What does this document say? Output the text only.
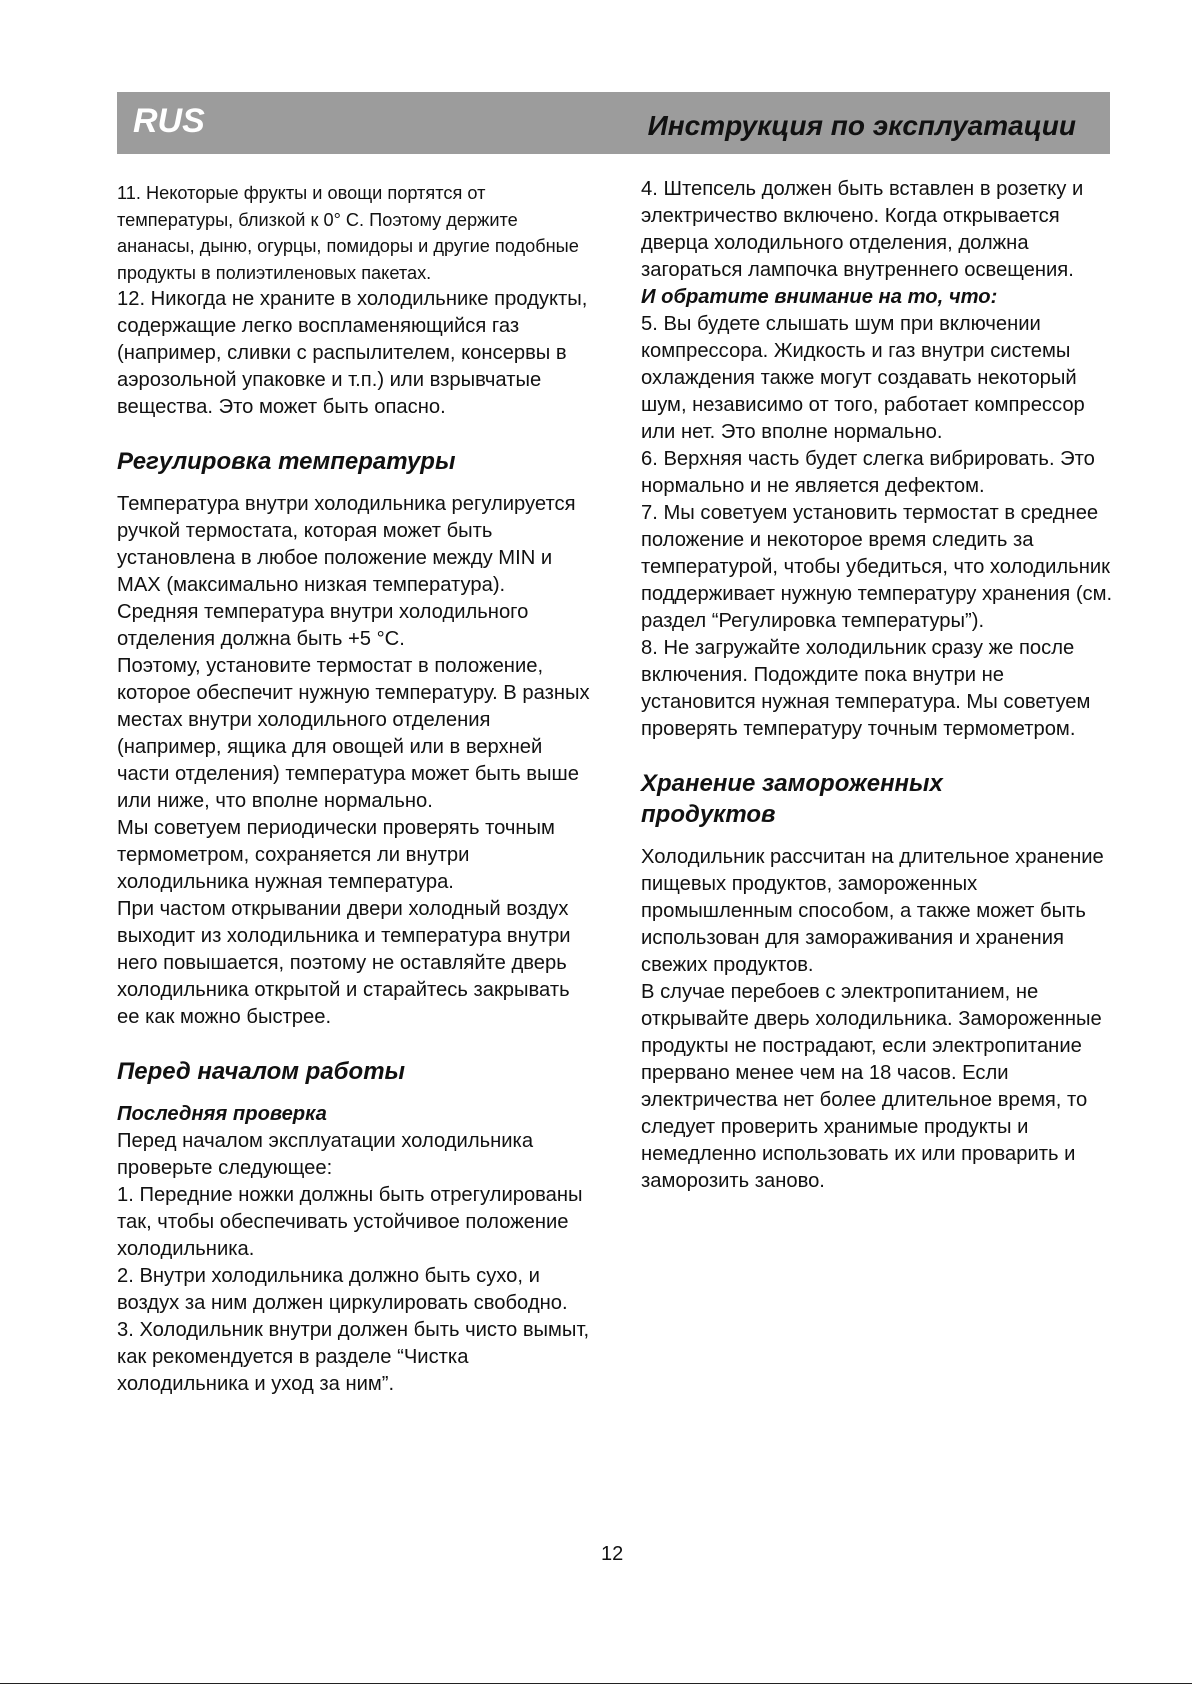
RUS	Инструкция по эксплуатации

11. Некоторые фрукты и овощи портятся от температуры, близкой к 0° С. Поэтому держите ананасы, дыню, огурцы, помидоры и другие подобные продукты в полиэтиленовых пакетах.

12. Никогда не храните в холодильнике продукты, содержащие легко воспламеняющийся газ (например, сливки с распылителем, консервы в аэрозольной упаковке и т.п.) или взрывчатые вещества. Это может быть опасно.

Регулировка температуры

Температура внутри холодильника регулируется ручкой термостата, которая может быть установлена в любое положение между MIN и MAX (максимально низкая температура).

Средняя температура внутри холодильного отделения должна быть +5 °С.

Поэтому, установите термостат в положение, которое обеспечит нужную температуру. В разных местах внутри холодильного отделения (например, ящика для овощей или в верхней части отделения) температура может быть выше или ниже, что вполне нормально.

Мы советуем периодически проверять точным термометром, сохраняется ли внутри холодильника нужная температура.

При частом открывании двери холодный воздух выходит из холодильника и температура внутри него повышается, поэтому не оставляйте дверь холодильника открытой и старайтесь закрывать ее как можно быстрее.

Перед началом работы
Последняя проверка

Перед началом эксплуатации холодильника проверьте следующее:

1. Передние ножки должны быть отрегулированы так, чтобы обеспечивать устойчивое положение холодильника.

2. Внутри холодильника должно быть сухо, и воздух за ним должен циркулировать свободно.

3. Холодильник внутри должен быть чисто вымыт, как рекомендуется в разделе “Чистка холодильника и уход за ним”.

4. Штепсель должен быть вставлен в розетку и электричество включено. Когда открывается дверца холодильного отделения, должна загораться лампочка внутреннего освещения.

И обратите внимание на то, что:

5. Вы будете слышать шум при включении компрессора. Жидкость и газ внутри системы охлаждения также могут создавать некоторый шум, независимо от того, работает компрессор или нет. Это вполне нормально.

6. Верхняя часть будет слегка вибрировать. Это нормально и не является дефектом.

7. Мы советуем установить термостат в среднее положение и некоторое время следить за температурой, чтобы убедиться, что холодильник поддерживает нужную температуру хранения (см. раздел “Регулировка температуры”).

8. Не загружайте холодильник сразу же после включения. Подождите пока внутри не установится нужная температура. Мы советуем проверять температуру точным термометром.

Хранение замороженных продуктов

Холодильник рассчитан на длительное хранение пищевых продуктов, замороженных промышленным способом, а также может быть использован для замораживания и хранения свежих продуктов.

В случае перебоев с электропитанием, не открывайте дверь холодильника. Замороженные продукты не пострадают, если электропитание прервано менее чем на 18 часов. Если электричества нет более длительное время, то следует проверить хранимые продукты и немедленно использовать их или проварить и заморозить заново.

12
